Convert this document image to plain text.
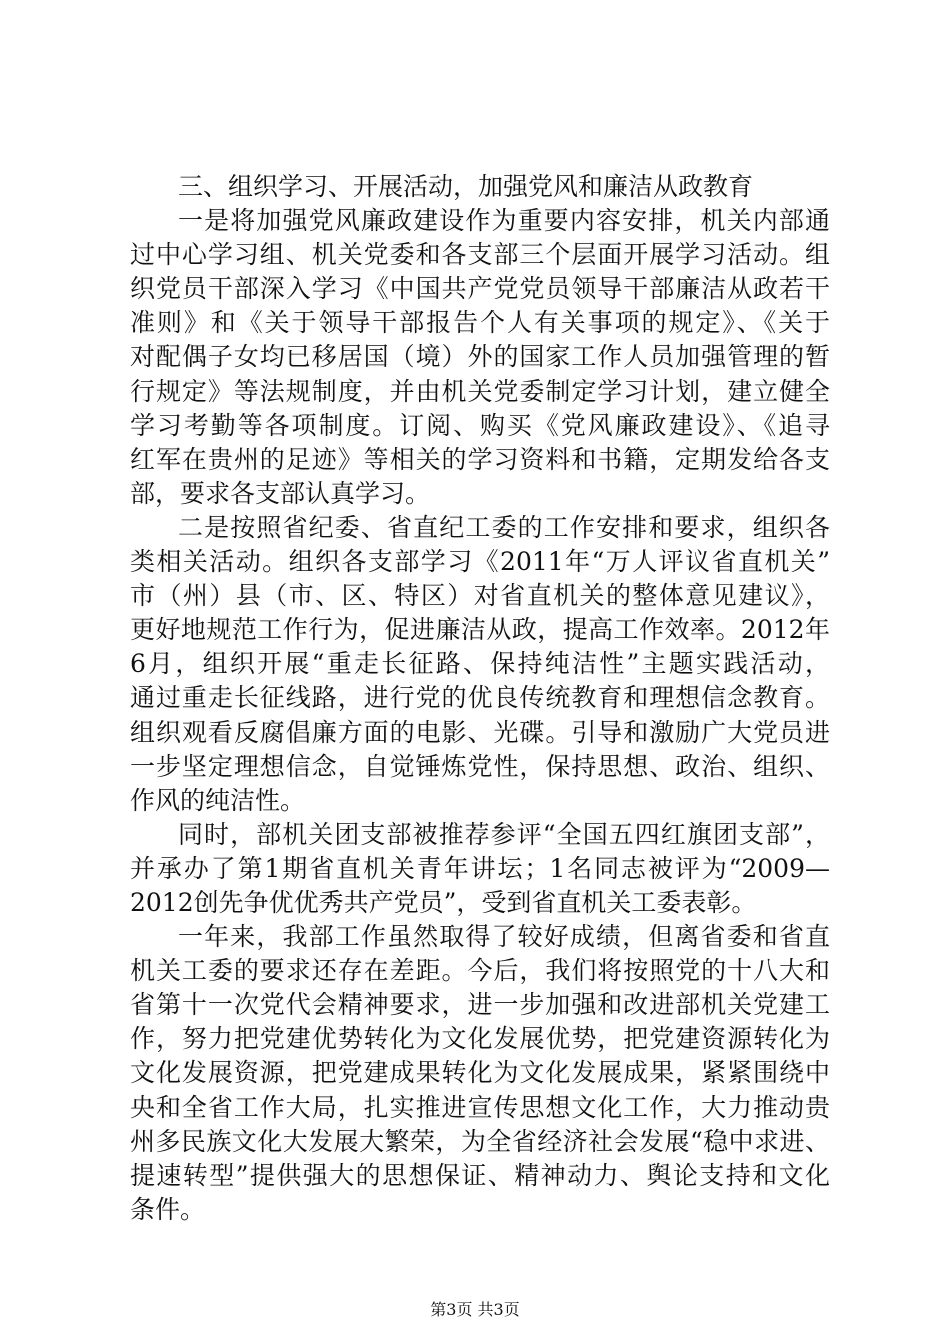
三、组织学习、开展活动，加强党风和廉洁从政教育
一是将加强党风廉政建设作为重要内容安排，机关内部通
过中心学习组、机关党委和各支部三个层面开展学习活动。组
织党员干部深入学习《中国共产党党员领导干部廉洁从政若干
准则》和《关于领导干部报告个人有关事项的规定》、《关于
对配偶子女均已移居国（境）外的国家工作人员加强管理的暂
行规定》等法规制度，并由机关党委制定学习计划，建立健全
学习考勤等各项制度。订阅、购买《党风廉政建设》、《追寻
红军在贵州的足迹》等相关的学习资料和书籍，定期发给各支
部，要求各支部认真学习。
二是按照省纪委、省直纪工委的工作安排和要求，组织各
类相关活动。组织各支部学习《2011年“万人评议省直机关”
市（州）县（市、区、特区）对省直机关的整体意见建议》，
更好地规范工作行为，促进廉洁从政，提高工作效率。2012年
6月，组织开展“重走长征路、保持纯洁性”主题实践活动，
通过重走长征线路，进行党的优良传统教育和理想信念教育。
组织观看反腐倡廉方面的电影、光碟。引导和激励广大党员进
一步坚定理想信念，自觉锤炼党性，保持思想、政治、组织、
作风的纯洁性。
同时，部机关团支部被推荐参评“全国五四红旗团支部”，
并承办了第1期省直机关青年讲坛；1名同志被评为“2009—
2012创先争优优秀共产党员”，受到省直机关工委表彰。
一年来，我部工作虽然取得了较好成绩，但离省委和省直
机关工委的要求还存在差距。今后，我们将按照党的十八大和
省第十一次党代会精神要求，进一步加强和改进部机关党建工
作，努力把党建优势转化为文化发展优势，把党建资源转化为
文化发展资源，把党建成果转化为文化发展成果，紧紧围绕中
央和全省工作大局，扎实推进宣传思想文化工作，大力推动贵
州多民族文化大发展大繁荣，为全省经济社会发展“稳中求进、
提速转型”提供强大的思想保证、精神动力、舆论支持和文化
条件。
第3页 共3页
